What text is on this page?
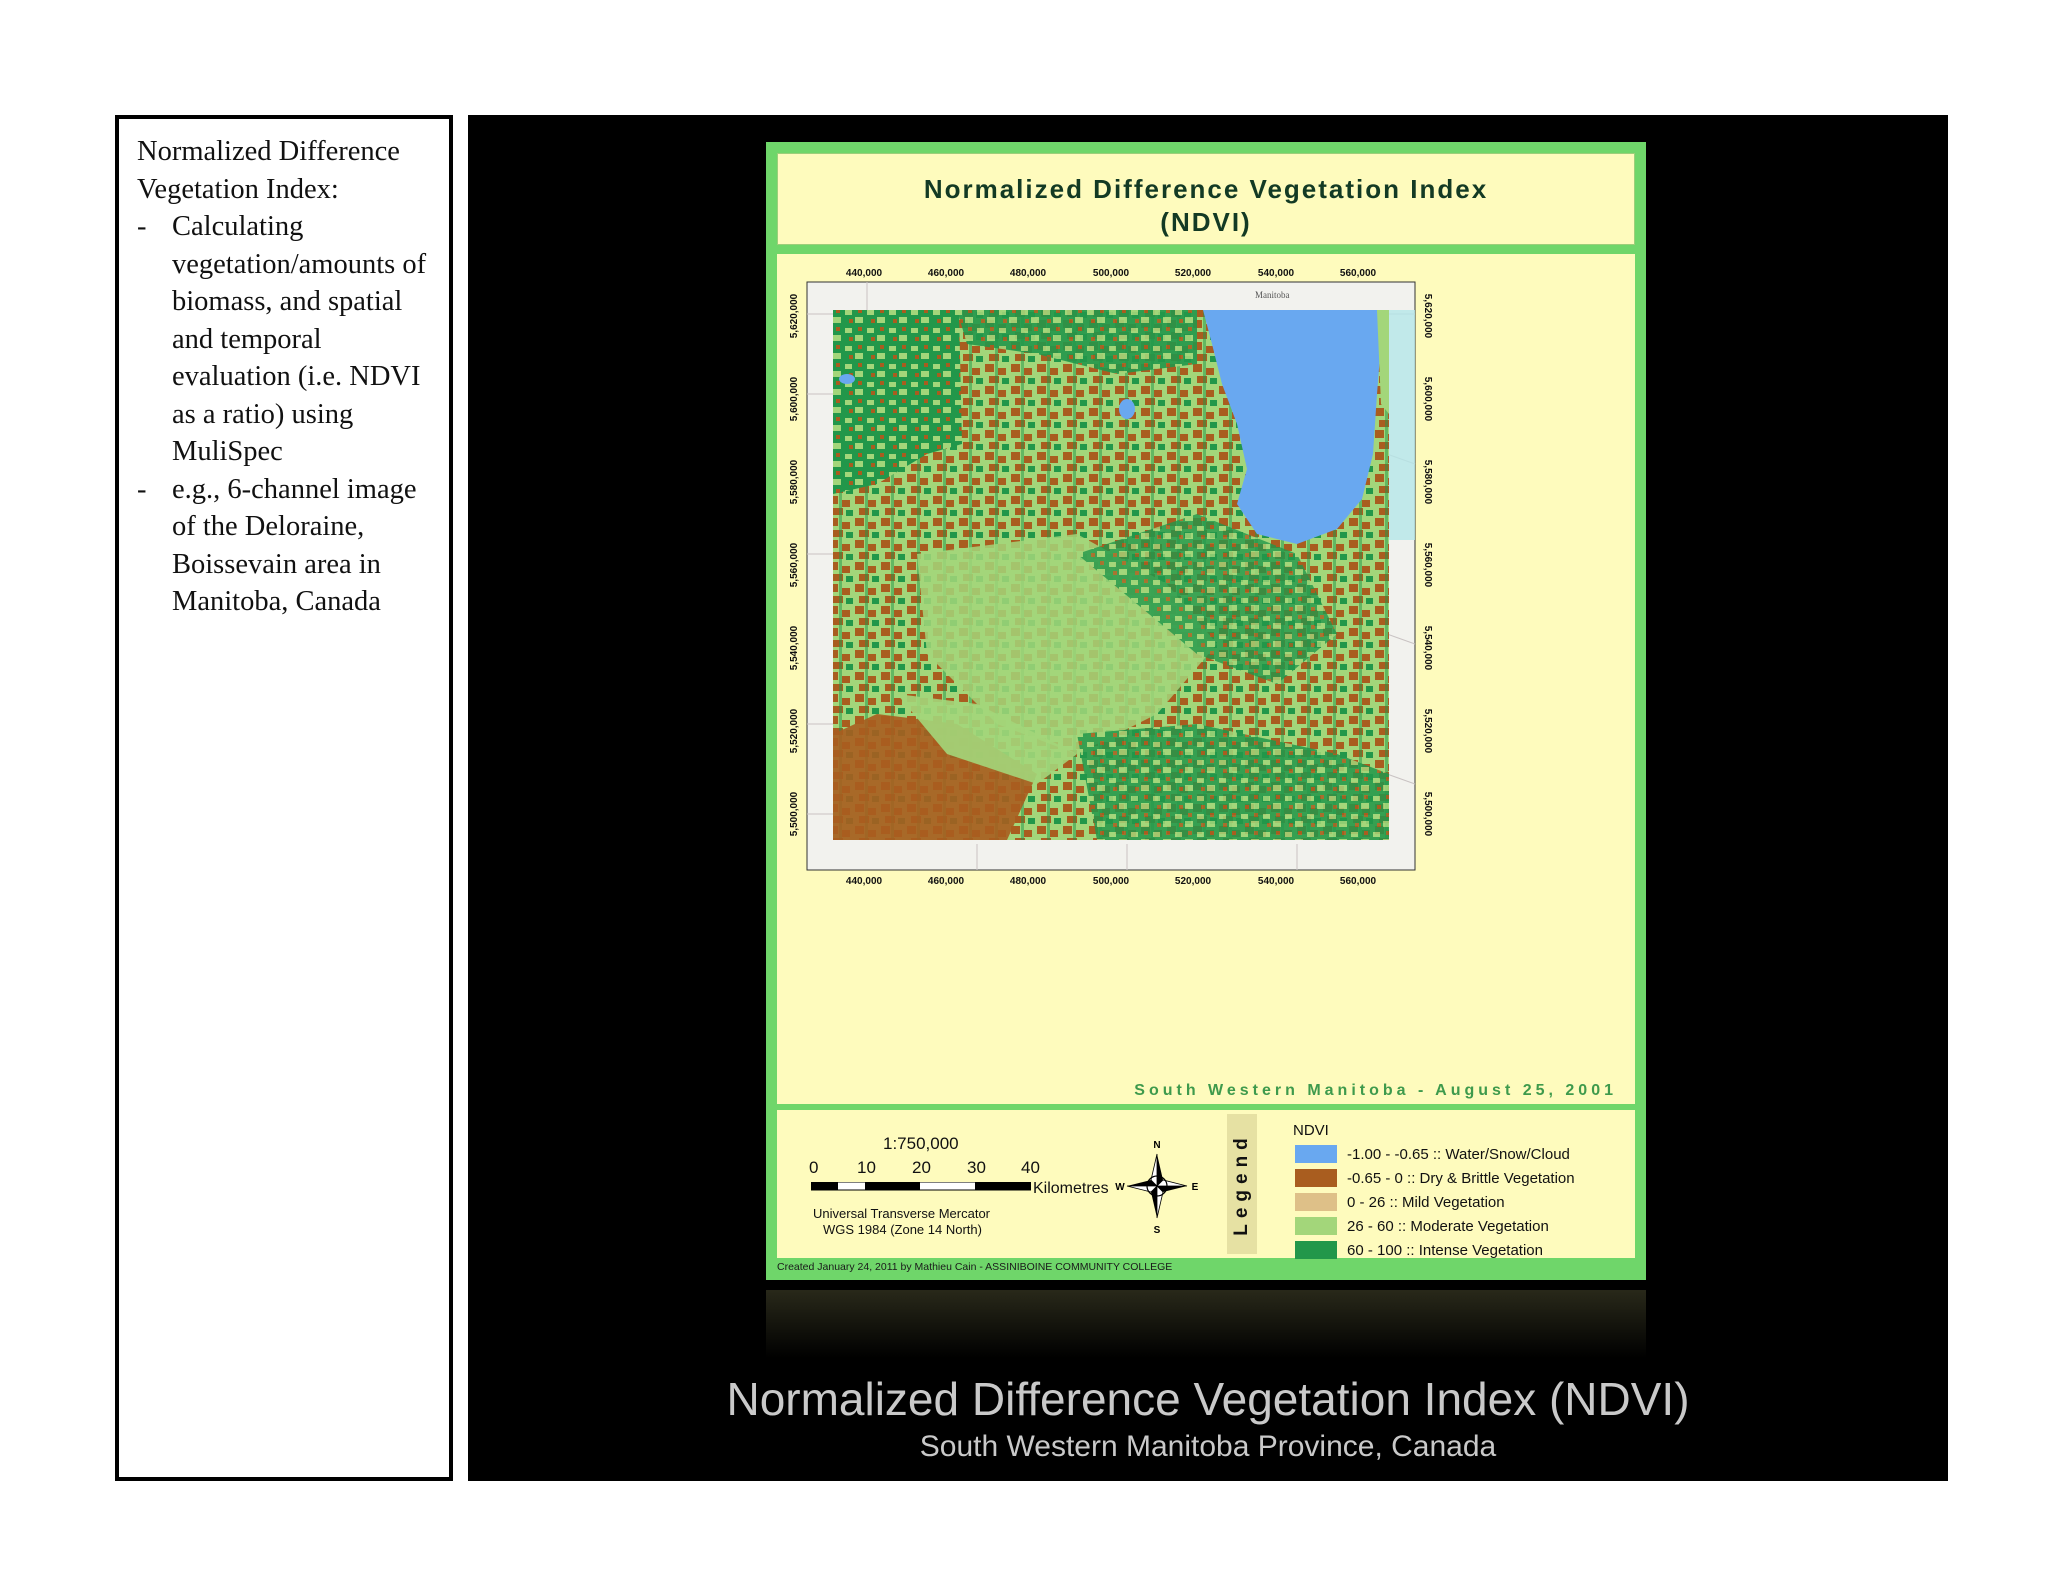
Normalized Difference Vegetation Index:

- Calculating vegetation/amounts of biomass, and spatial and temporal evaluation (i.e. NDVI as a ratio) using MuliSpec
- e.g., 6-channel image of the Deloraine, Boissevain area in Manitoba, Canada
Normalized Difference Vegetation Index
(NDVI)
Manitoba
440,000	460,000	480,000	500,000	520,000	540,000	560,000
440,000	460,000	480,000	500,000	520,000	540,000	560,000
5,620,000
5,600,000
5,580,000
5,560,000
5,540,000
5,520,000
5,500,000
5,620,000
5,600,000
5,580,000
5,560,000
5,540,000
5,520,000
5,500,000
South Western Manitoba - August 25, 2001
1:750,000
0 10 20 30 40
Kilometres
Universal Transverse Mercator
WGS 1984 (Zone 14 North)
N
S
W	E Legend
NDVI
-1.00 - -0.65 :: Water/Snow/Cloud
-0.65 - 0 :: Dry & Brittle Vegetation
0 - 26 :: Mild Vegetation
26 - 60 :: Moderate Vegetation
60 - 100 :: Intense Vegetation
Created January 24, 2011 by Mathieu Cain - ASSINIBOINE COMMUNITY COLLEGE
Normalized Difference Vegetation Index (NDVI)
South Western Manitoba Province, Canada
